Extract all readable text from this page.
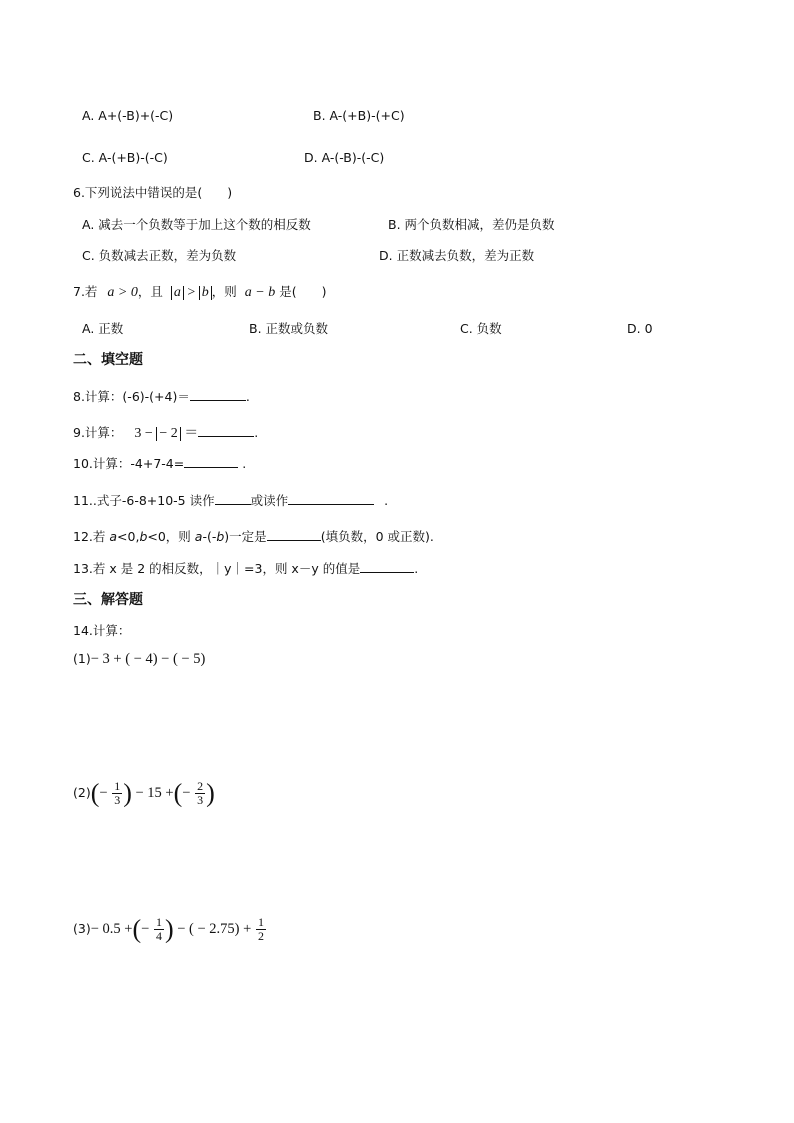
A. A+(-B)+(-C)	B. A-(+B)-(+C)
C. A-(+B)-(-C)	D. A-(-B)-(-C)
6.下列说法中错误的是(　　)
A. 减去一个负数等于加上这个数的相反数	B. 两个负数相减，差仍是负数
C. 负数减去正数，差为负数	D. 正数减去负数，差为正数
7.若 a > 0，且 a > b ，则 a − b 是(　　)
A. 正数	B. 正数或负数	C. 负数	D. 0
二、填空题
8.计算：(-6)-(+4)＝	.
9.计算： 3 − − 2 ＝	.
10.计算：-4+7-4=	.
11..式子-6-8+10-5 读作	或读作	.
12.若 a<0,b<0，则 a-(-b)一定是	(填负数，0 或正数).
13.若 x 是 2 的相反数，｜y｜=3，则 x－y 的值是	.
三、解答题
14.计算：
(1)− 3 + ( − 4) − ( − 5)
$(2)(- \frac{1}{3}$ ) − 15 +(− $\frac{2}{3}$ )
(3)− 0.5 +(− $\frac{1}{4}$ ) − ( − $2.75) + \frac{1}{2}$
